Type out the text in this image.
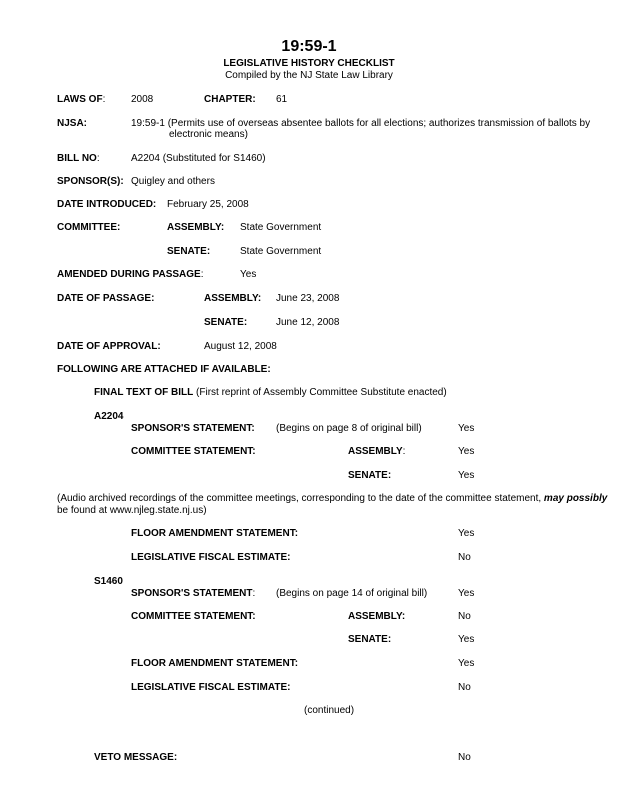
19:59-1
LEGISLATIVE HISTORY CHECKLIST
Compiled by the NJ State Law Library
LAWS OF:	2008	CHAPTER: 61
NJSA:	19:59-1 (Permits use of overseas absentee ballots for all elections; authorizes transmission of ballots by
electronic means)
BILL NO:	A2204 (Substituted for S1460)
SPONSOR(S): Quigley and others
DATE INTRODUCED: February 25, 2008
COMMITTEE:	ASSEMBLY: State Government
SENATE:	State Government
AMENDED DURING PASSAGE:	Yes
DATE OF PASSAGE:	ASSEMBLY: June 23, 2008
SENATE:	June 12, 2008
DATE OF APPROVAL:	August 12, 2008
FOLLOWING ARE ATTACHED IF AVAILABLE:
FINAL TEXT OF BILL (First reprint of Assembly Committee Substitute enacted)
A2204
SPONSOR'S STATEMENT: (Begins on page 8 of original bill)	Yes
COMMITTEE STATEMENT:	ASSEMBLY:	Yes
SENATE:	Yes
(Audio archived recordings of the committee meetings, corresponding to the date of the committee statement, may possibly
be found at www.njleg.state.nj.us)
FLOOR AMENDMENT STATEMENT:	Yes
LEGISLATIVE FISCAL ESTIMATE:	No
S1460
SPONSOR'S STATEMENT: (Begins on page 14 of original bill)	Yes
COMMITTEE STATEMENT:	ASSEMBLY:	No
SENATE:	Yes
FLOOR AMENDMENT STATEMENT:	Yes
LEGISLATIVE FISCAL ESTIMATE:	No
(continued)
VETO MESSAGE:	No
